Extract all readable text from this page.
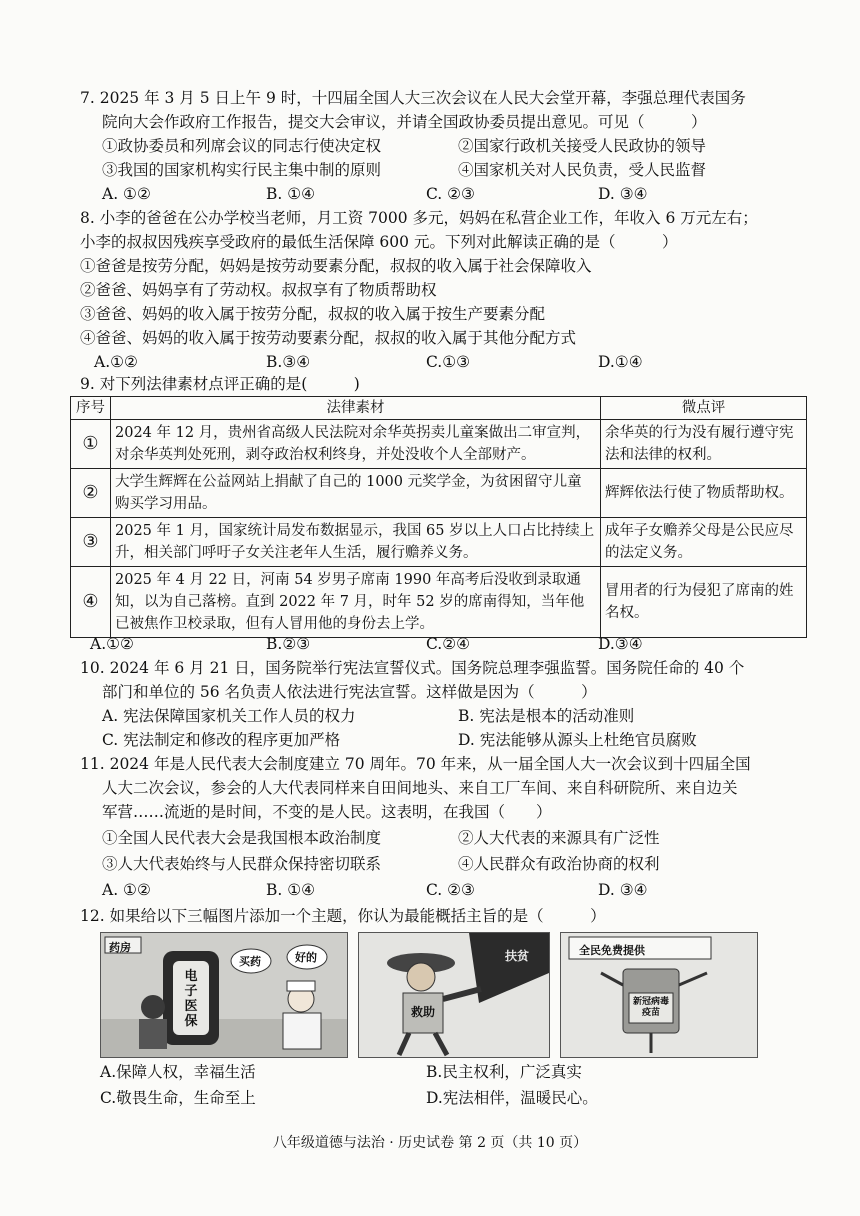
7. 2025 年 3 月 5 日上午 9 时，十四届全国人大三次会议在人民大会堂开幕，李强总理代表国务
院向大会作政府工作报告，提交大会审议，并请全国政协委员提出意见。可见（　　　）
①政协委员和列席会议的同志行使决定权	②国家行政机关接受人民政协的领导
③我国的国家机构实行民主集中制的原则	④国家机关对人民负责，受人民监督
A. ①②	B. ①④	C. ②③	D. ③④
8. 小李的爸爸在公办学校当老师，月工资 7000 多元，妈妈在私营企业工作，年收入 6 万元左右；
小李的叔叔因残疾享受政府的最低生活保障 600 元。下列对此解读正确的是（　　　）
①爸爸是按劳分配，妈妈是按劳动要素分配，叔叔的收入属于社会保障收入
②爸爸、妈妈享有了劳动权。叔叔享有了物质帮助权
③爸爸、妈妈的收入属于按劳分配，叔叔的收入属于按生产要素分配
④爸爸、妈妈的收入属于按劳动要素分配，叔叔的收入属于其他分配方式
A.①②	B.③④	C.①③	D.①④
9. 对下列法律素材点评正确的是(　　　)
序号	法律素材	微点评
①	2024 年 12 月，贵州省高级人民法院对余华英拐卖儿童案做出二审宣判，对余华英判处死刑，剥夺政治权利终身，并处没收个人全部财产。	余华英的行为没有履行遵守宪法和法律的权利。
②	大学生辉辉在公益网站上捐献了自己的 1000 元奖学金，为贫困留守儿童购买学习用品。	辉辉依法行使了物质帮助权。
③	2025 年 1 月，国家统计局发布数据显示，我国 65 岁以上人口占比持续上升，相关部门呼吁子女关注老年人生活，履行赡养义务。	成年子女赡养父母是公民应尽的法定义务。
④	2025 年 4 月 22 日，河南 54 岁男子席南 1990 年高考后没收到录取通知，以为自己落榜。直到 2022 年 7 月，时年 52 岁的席南得知，当年他已被焦作卫校录取，但有人冒用他的身份去上学。	冒用者的行为侵犯了席南的姓名权。
A.①②	B.②③	C.②④	D.③④
10. 2024 年 6 月 21 日，国务院举行宪法宣誓仪式。国务院总理李强监誓。国务院任命的 40 个
部门和单位的 56 名负责人依法进行宪法宣誓。这样做是因为（　　　）
A. 宪法保障国家机关工作人员的权力	B. 宪法是根本的活动准则
C. 宪法制定和修改的程序更加严格	D. 宪法能够从源头上杜绝官员腐败
11. 2024 年是人民代表大会制度建立 70 周年。70 年来，从一届全国人大一次会议到十四届全国
人大二次会议，参会的人大代表同样来自田间地头、来自工厂车间、来自科研院所、来自边关
军营……流逝的是时间，不变的是人民。这表明，在我国（　　）
①全国人民代表大会是我国根本政治制度	②人大代表的来源具有广泛性
③人大代表始终与人民群众保持密切联系	④人民群众有政治协商的权利
A. ①②	B. ①④	C. ②③	D. ③④
12. 如果给以下三幅图片添加一个主题，你认为最能概括主旨的是（　　　）
药房
电子医保
买药	好的
救助
扶贫	全民免费提供
新冠病毒疫苗
A.保障人权，幸福生活	B.民主权利，广泛真实
C.敬畏生命，生命至上	D.宪法相伴，温暖民心。
八年级道德与法治 · 历史试卷 第 2 页（共 10 页）
